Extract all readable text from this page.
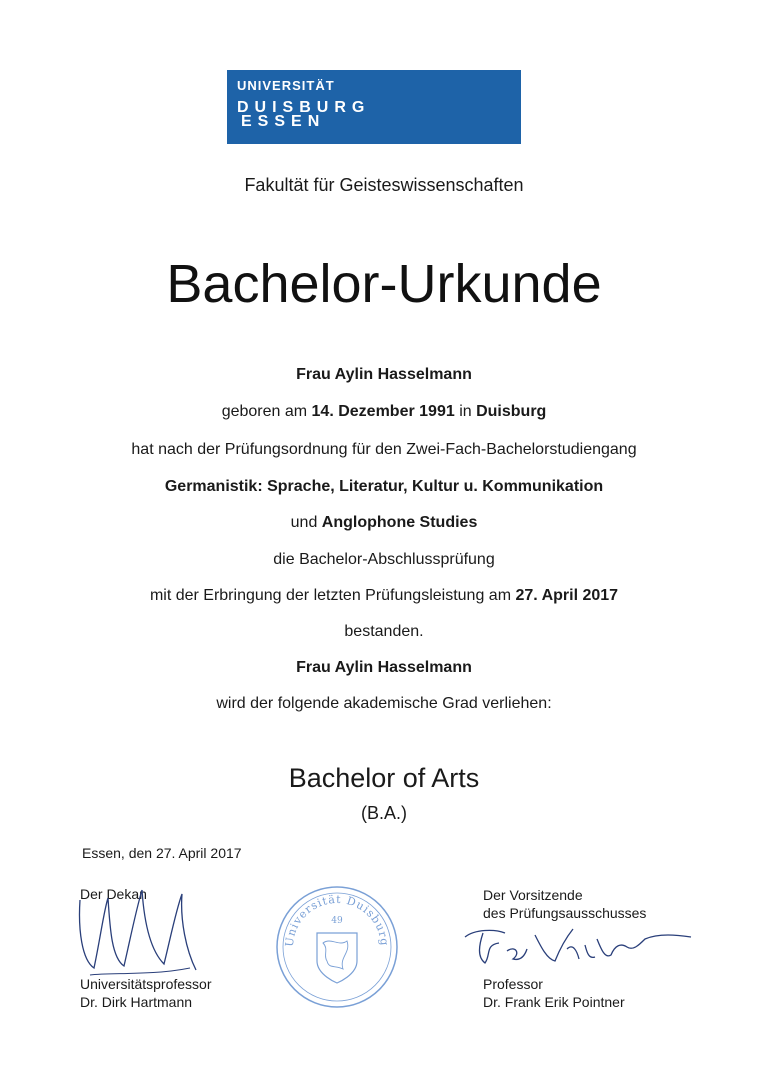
UNIVERSITÄT
DUISBURG
ESSEN
Fakultät für Geisteswissenschaften
Bachelor-Urkunde
Frau Aylin Hasselmann
geboren am 14. Dezember 1991 in Duisburg
hat nach der Prüfungsordnung für den Zwei-Fach-Bachelorstudiengang
Germanistik: Sprache, Literatur, Kultur u. Kommunikation
und Anglophone Studies
die Bachelor-Abschlussprüfung
mit der Erbringung der letzten Prüfungsleistung am 27. April 2017
bestanden.
Frau Aylin Hasselmann
wird der folgende akademische Grad verliehen:
Bachelor of Arts
(B.A.)
Essen, den 27. April 2017
Der Dekan
Universitätsprofessor
Dr. Dirk Hartmann
Universität Duisburg-Essen
49
Der Vorsitzende
des Prüfungsausschusses
Professor
Dr. Frank Erik Pointner
